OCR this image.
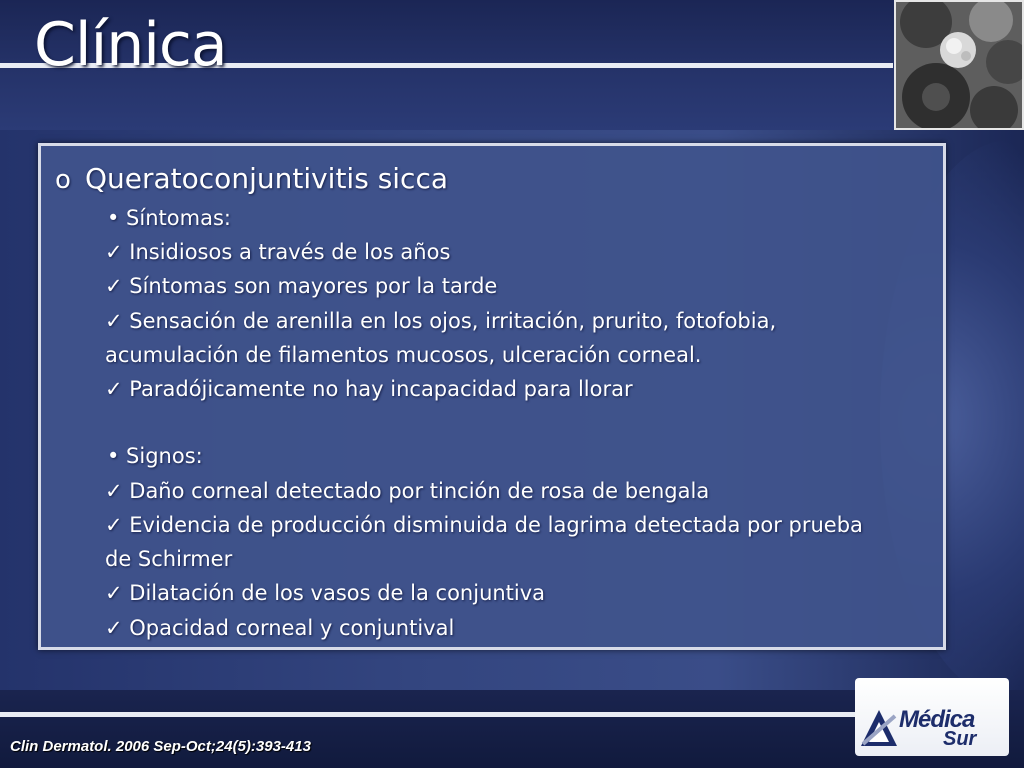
Clínica
o Queratoconjuntivitis sicca
• Síntomas:
✓ Insidiosos a través de los años
✓ Síntomas son mayores por la tarde
✓ Sensación de arenilla en los ojos, irritación, prurito, fotofobia,
acumulación de filamentos mucosos, ulceración corneal.
✓ Paradójicamente no hay incapacidad para llorar
• Signos:
✓ Daño corneal detectado por tinción de rosa de bengala
✓ Evidencia de producción disminuida de lagrima detectada por prueba
de Schirmer
✓ Dilatación de los vasos de la conjuntiva
✓ Opacidad corneal y conjuntival
Médica
Sur
Clin Dermatol. 2006 Sep-Oct;24(5):393-413
